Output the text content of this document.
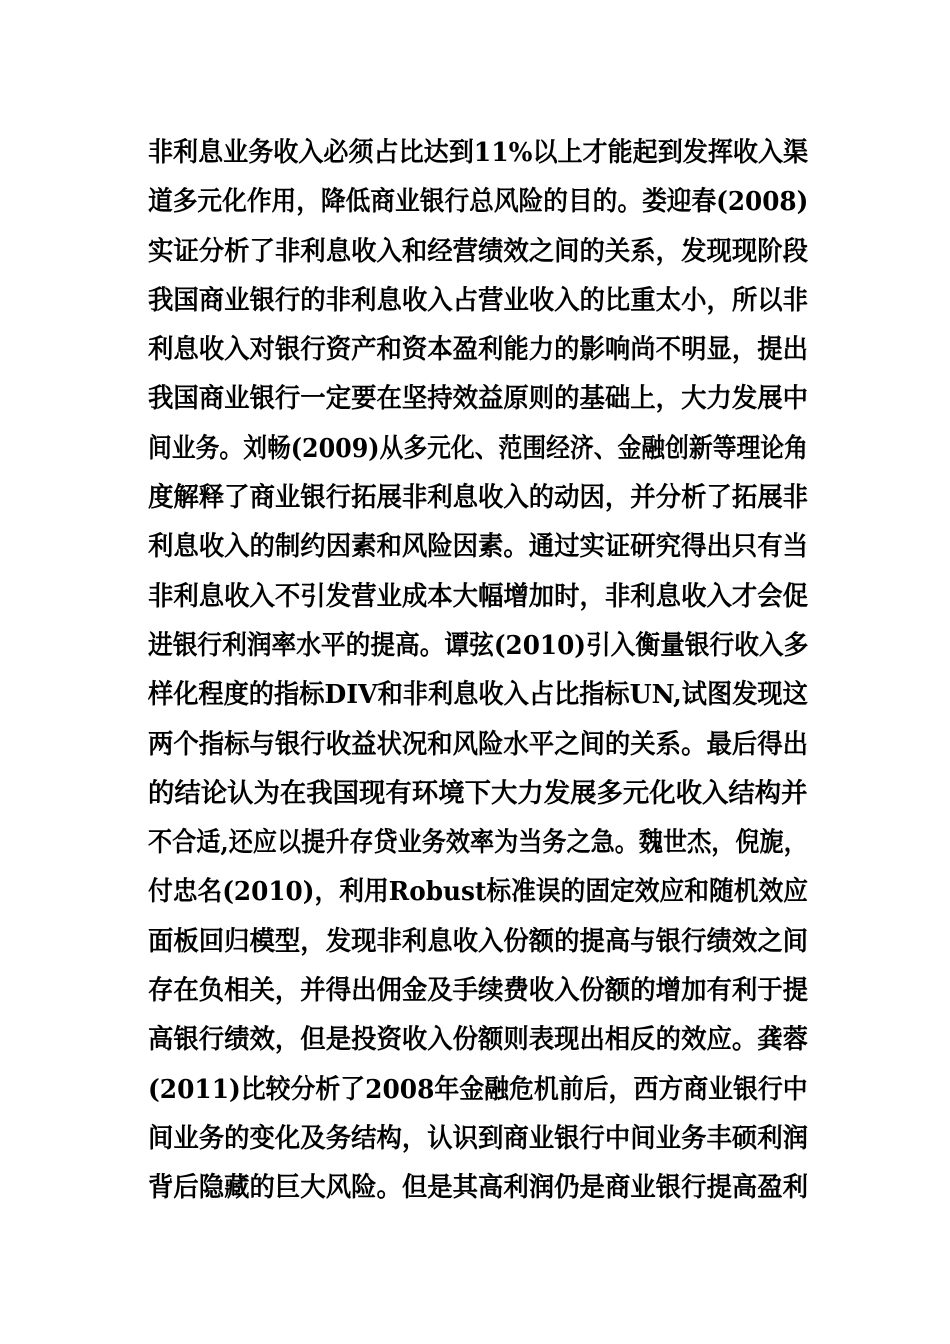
非利息业务收入必须占比达到11%以上才能起到发挥收入渠
道多元化作用，降低商业银行总风险的目的。娄迎春(2008)
实证分析了非利息收入和经营绩效之间的关系，发现现阶段
我国商业银行的非利息收入占营业收入的比重太小，所以非
利息收入对银行资产和资本盈利能力的影响尚不明显，提出
我国商业银行一定要在坚持效益原则的基础上，大力发展中
间业务。刘畅(2009)从多元化、范围经济、金融创新等理论角
度解释了商业银行拓展非利息收入的动因，并分析了拓展非
利息收入的制约因素和风险因素。通过实证研究得出只有当
非利息收入不引发营业成本大幅增加时，非利息收入才会促
进银行利润率水平的提高。谭弦(2010)引入衡量银行收入多
样化程度的指标DIV和非利息收入占比指标UN,试图发现这
两个指标与银行收益状况和风险水平之间的关系。最后得出
的结论认为在我国现有环境下大力发展多元化收入结构并
不合适,还应以提升存贷业务效率为当务之急。魏世杰，倪旎，
付忠名(2010)，利用Robust标准误的固定效应和随机效应
面板回归模型，发现非利息收入份额的提高与银行绩效之间
存在负相关，并得出佣金及手续费收入份额的增加有利于提
高银行绩效，但是投资收入份额则表现出相反的效应。龚蓉
(2011)比较分析了2008年金融危机前后，西方商业银行中
间业务的变化及务结构，认识到商业银行中间业务丰硕利润
背后隐藏的巨大风险。但是其高利润仍是商业银行提高盈利
